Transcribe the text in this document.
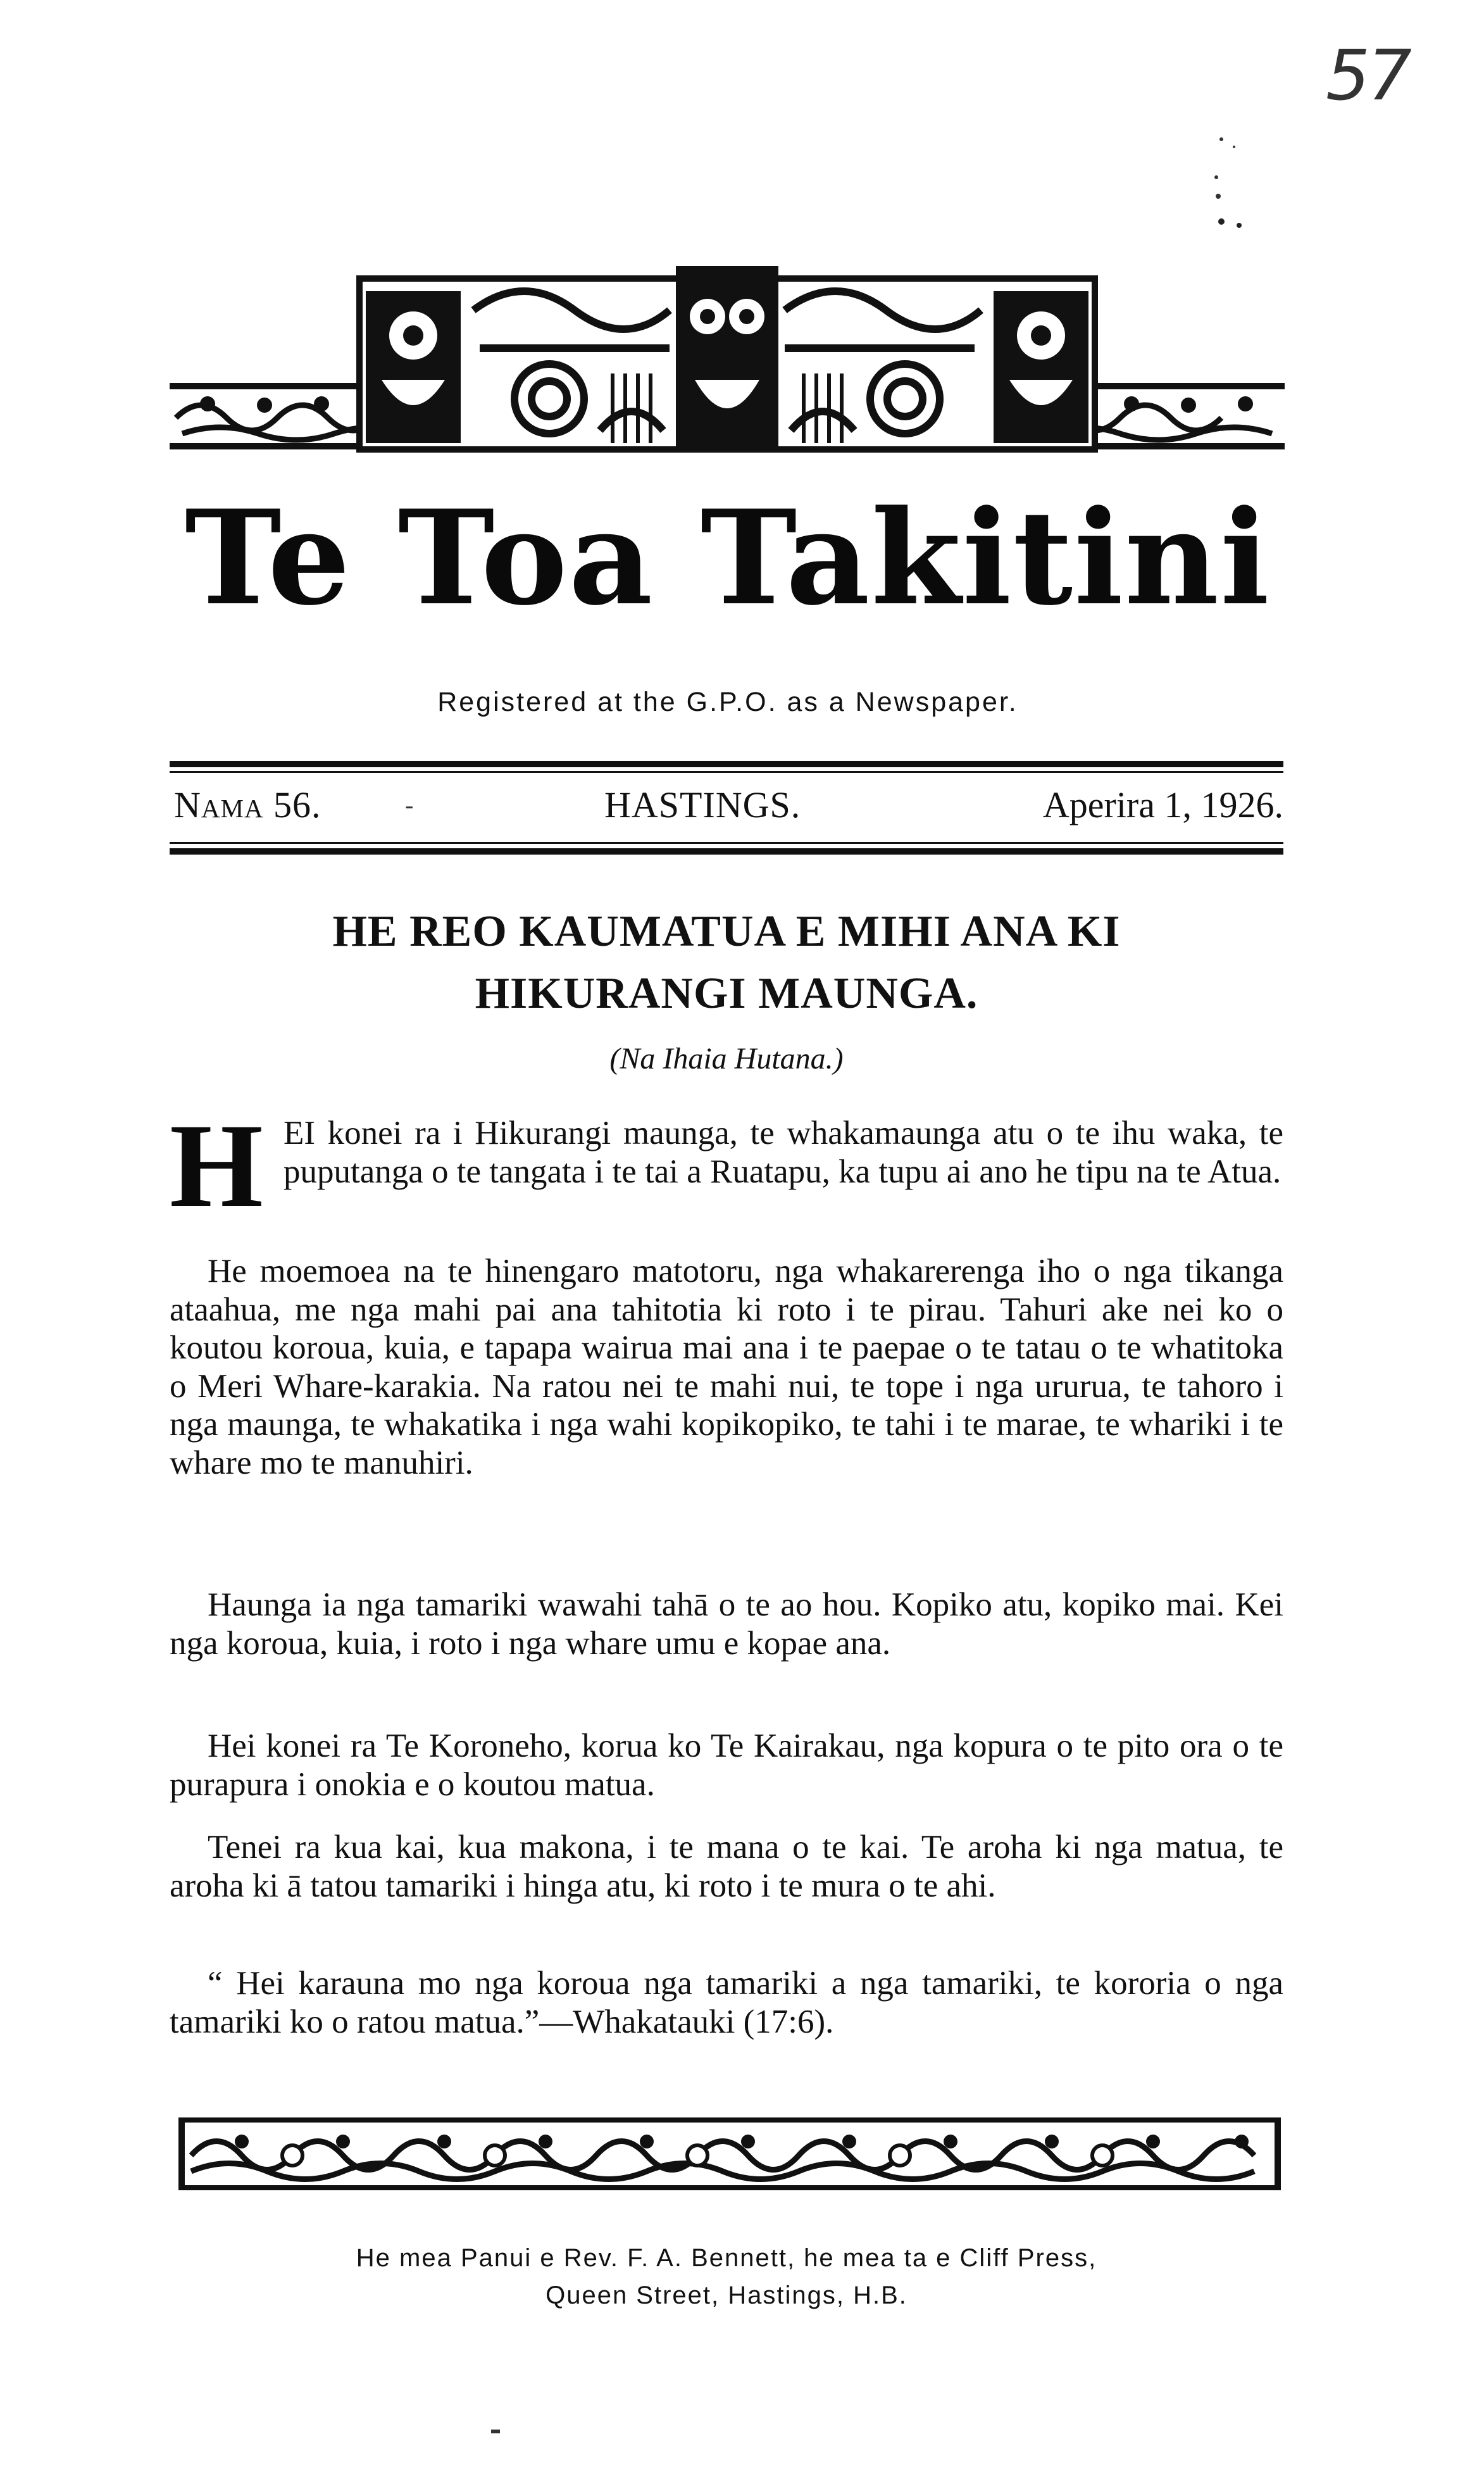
57
Te Toa Takitini
Registered at the G.P.O. as a Newspaper.
Nama 56.	-	HASTINGS.	Aperira 1, 1926.
HE REO KAUMATUA E MIHI ANA KI
HIKURANGI MAUNGA.
(Na Ihaia Hutana.)
H EI konei ra i Hikurangi maunga, te whakamaunga atu o te ihu waka, te puputanga o te tangata i te tai a Ruatapu, ka tupu ai ano he tipu na te Atua.

He moemoea na te hinengaro matotoru, nga whakarerenga iho o nga tikanga ataahua, me nga mahi pai ana tahitotia ki roto i te pirau. Tahuri ake nei ko o koutou koroua, kuia, e tapapa wairua mai ana i te paepae o te tatau o te whatitoka o Meri Whare-karakia. Na ratou nei te mahi nui, te tope i nga ururua, te tahoro i nga maunga, te whakatika i nga wahi kopikopiko, te tahi i te marae, te whariki i te whare mo te manuhiri.

Haunga ia nga tamariki wawahi tahā o te ao hou. Kopiko atu, kopiko mai. Kei nga koroua, kuia, i roto i nga whare umu e kopae ana.

Hei konei ra Te Koroneho, korua ko Te Kairakau, nga kopura o te pito ora o te purapura i onokia e o koutou matua.

Tenei ra kua kai, kua makona, i te mana o te kai. Te aroha ki nga matua, te aroha ki ā tatou tamariki i hinga atu, ki roto i te mura o te ahi.

“ Hei karauna mo nga koroua nga tamariki a nga tamariki, te kororia o nga tamariki ko o ratou matua.”—Whakatauki (17:6).

He mea Panui e Rev. F. A. Bennett, he mea ta e Cliff Press,
Queen Street, Hastings, H.B.
